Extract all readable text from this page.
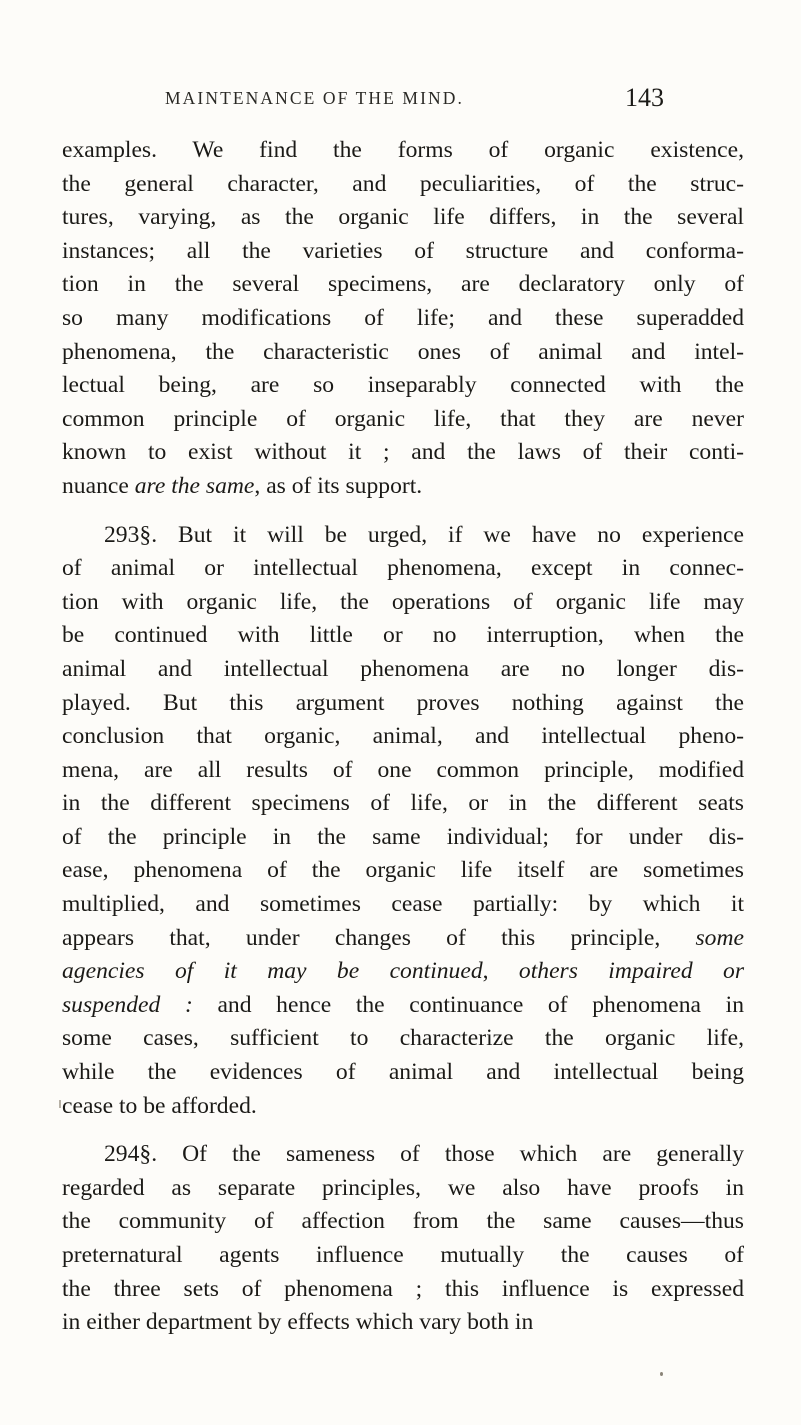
MAINTENANCE OF THE MIND.	143
examples. We find the forms of organic existence,
the general character, and peculiarities, of the struc-
tures, varying, as the organic life differs, in the several
instances; all the varieties of structure and conforma-
tion in the several specimens, are declaratory only of
so many modifications of life; and these superadded
phenomena, the characteristic ones of animal and intel-
lectual being, are so inseparably connected with the
common principle of organic life, that they are never
known to exist without it ; and the laws of their conti-
nuance are the same, as of its support.
293§. But it will be urged, if we have no experience
of animal or intellectual phenomena, except in connec-
tion with organic life, the operations of organic life may
be continued with little or no interruption, when the
animal and intellectual phenomena are no longer dis-
played. But this argument proves nothing against the
conclusion that organic, animal, and intellectual pheno-
mena, are all results of one common principle, modified
in the different specimens of life, or in the different seats
of the principle in the same individual; for under dis-
ease, phenomena of the organic life itself are sometimes
multiplied, and sometimes cease partially: by which it
appears that, under changes of this principle, some
agencies of it may be continued, others impaired or
suspended : and hence the continuance of phenomena in
some cases, sufficient to characterize the organic life,
while the evidences of animal and intellectual being
cease to be afforded.
294§. Of the sameness of those which are generally
regarded as separate principles, we also have proofs in
the community of affection from the same causes—thus
preternatural agents influence mutually the causes of
the three sets of phenomena ; this influence is expressed
in either department by effects which vary both in
